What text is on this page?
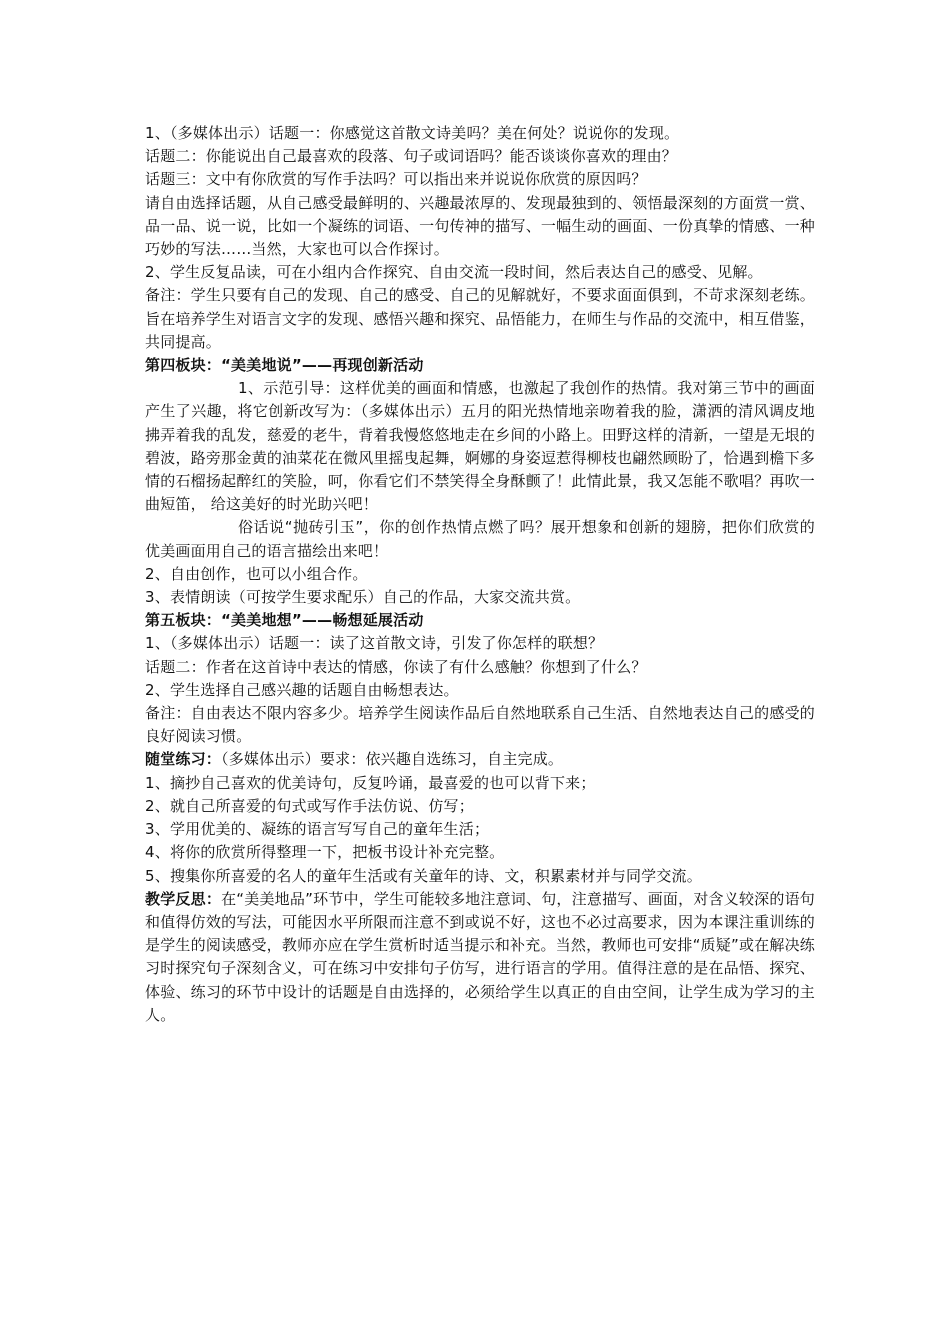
1、（多媒体出示）话题一：你感觉这首散文诗美吗？美在何处？说说你的发现。

话题二：你能说出自己最喜欢的段落、句子或词语吗？能否谈谈你喜欢的理由？

话题三：文中有你欣赏的写作手法吗？可以指出来并说说你欣赏的原因吗？

请自由选择话题，从自己感受最鲜明的、兴趣最浓厚的、发现最独到的、领悟最深刻的方面赏一赏、品一品、说一说，比如一个凝练的词语、一句传神的描写、一幅生动的画面、一份真挚的情感、一种巧妙的写法……当然，大家也可以合作探讨。

2、学生反复品读，可在小组内合作探究、自由交流一段时间，然后表达自己的感受、见解。

备注：学生只要有自己的发现、自己的感受、自己的见解就好，不要求面面俱到，不苛求深刻老练。旨在培养学生对语言文字的发现、感悟兴趣和探究、品悟能力，在师生与作品的交流中，相互借鉴，共同提高。

第四板块：“美美地说”——再现创新活动

1、示范引导：这样优美的画面和情感，也激起了我创作的热情。我对第三节中的画面产生了兴趣，将它创新改写为：（多媒体出示）五月的阳光热情地亲吻着我的脸，潇洒的清风调皮地拂弄着我的乱发，慈爱的老牛，背着我慢悠悠地走在乡间的小路上。田野这样的清新，一望是无垠的碧波，路旁那金黄的油菜花在微风里摇曳起舞，婀娜的身姿逗惹得柳枝也翩然顾盼了，恰遇到檐下多情的石榴扬起醉红的笑脸，呵，你看它们不禁笑得全身酥颤了！此情此景，我又怎能不歌唱？再吹一曲短笛， 给这美好的时光助兴吧！

俗话说“抛砖引玉”，你的创作热情点燃了吗？展开想象和创新的翅膀，把你们欣赏的优美画面用自己的语言描绘出来吧！

2、自由创作，也可以小组合作。

3、表情朗读（可按学生要求配乐）自己的作品，大家交流共赏。

第五板块：“美美地想”——畅想延展活动

1、（多媒体出示）话题一：读了这首散文诗，引发了你怎样的联想？

话题二：作者在这首诗中表达的情感，你读了有什么感触？你想到了什么？

2、学生选择自己感兴趣的话题自由畅想表达。

备注：自由表达不限内容多少。培养学生阅读作品后自然地联系自己生活、自然地表达自己的感受的良好阅读习惯。

随堂练习：（多媒体出示）要求：依兴趣自选练习，自主完成。

1、摘抄自己喜欢的优美诗句，反复吟诵，最喜爱的也可以背下来；

2、就自己所喜爱的句式或写作手法仿说、仿写；

3、学用优美的、凝练的语言写写自己的童年生活；

4、将你的欣赏所得整理一下，把板书设计补充完整。

5、搜集你所喜爱的名人的童年生活或有关童年的诗、文，积累素材并与同学交流。

教学反思：在“美美地品”环节中，学生可能较多地注意词、句，注意描写、画面，对含义较深的语句和值得仿效的写法，可能因水平所限而注意不到或说不好，这也不必过高要求，因为本课注重训练的是学生的阅读感受，教师亦应在学生赏析时适当提示和补充。当然，教师也可安排“质疑”或在解决练习时探究句子深刻含义，可在练习中安排句子仿写，进行语言的学用。值得注意的是在品悟、探究、体验、练习的环节中设计的话题是自由选择的，必须给学生以真正的自由空间，让学生成为学习的主人。
